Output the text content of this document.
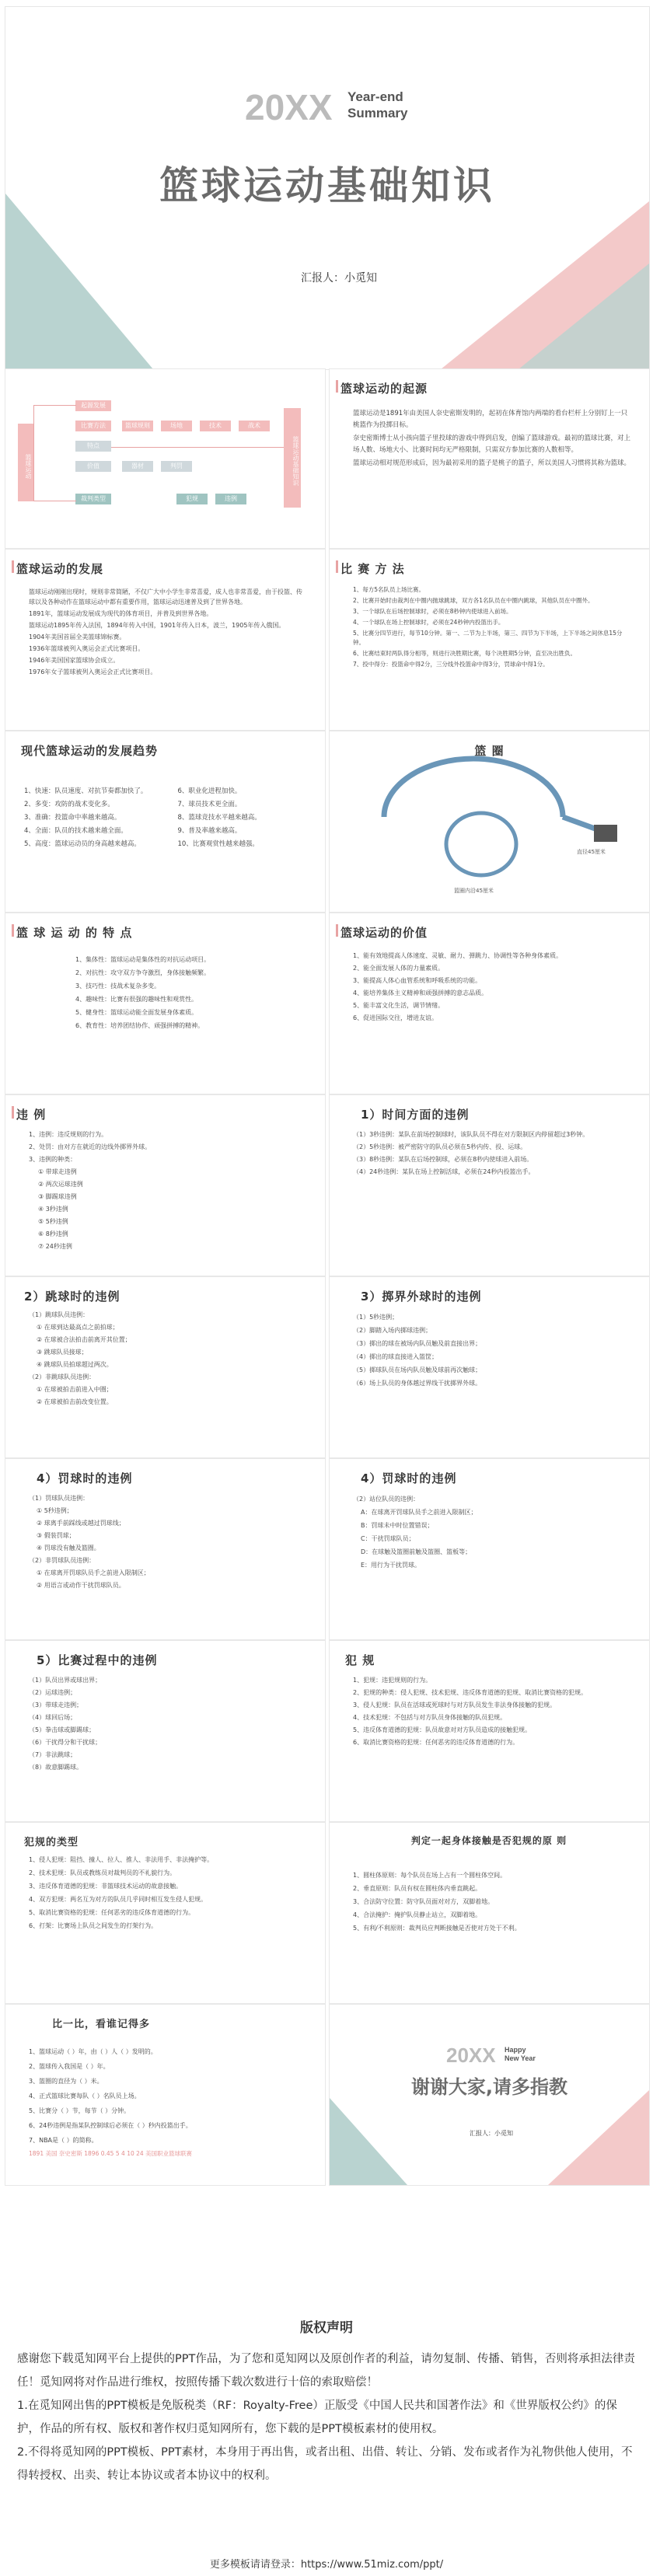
20XX Year-end
Summary
篮球运动基础知识
汇报人：小觅知
篮球运动
起源发展
比赛方法
特点
价值
裁判类型
篮球规则	场地
器材	判罚
技术	战术
犯规	违例
篮球运动基础知识
篮球运动的起源

篮球运动是1891年由美国人奈史密斯发明的，起初在体育馆内两端的看台栏杆上分别钉上一只桃篮作为投掷目标。

奈史密斯博士从小孩向篮子里投球的游戏中得到启发，创编了篮球游戏。最初的篮球比赛，对上场人数、场地大小、比赛时间均无严格限制，只需双方参加比赛的人数相等。

篮球运动相对规范形成后，因为最初采用的篮子是桃子的篮子，所以美国人习惯将其称为篮球。

篮球运动的发展

篮球运动刚刚出现时，规则非常简陋，不仅广大中小学生非常喜爱，成人也非常喜爱，由于投篮、传球以及各种动作在篮球运动中都有重要作用，篮球运动迅速普及到了世界各地。

1891年，篮球运动发展成为现代的体育项目，并普及到世界各地。

篮球运动1895年传入法国，1894年传入中国，1901年传入日本，波兰，1905年传入俄国。

1904年美国首届全美篮球锦标赛。

1936年篮球被列入奥运会正式比赛项目。

1946年美国国家篮球协会成立。

1976年女子篮球被列入奥运会正式比赛项目。

比 赛 方 法

1、每方5名队员上场比赛。

2、比赛开始时由裁判在中圈内抛球跳球，双方各1名队员在中圈内跳球，其他队员在中圈外。

3、一个球队在后场控制球时，必须在8秒钟内使球进入前场。

4、一个球队在场上控制球时，必须在24秒钟内投篮出手。

5、比赛分四节进行，每节10分钟。第一、二节为上半场，第三、四节为下半场，上下半场之间休息15分钟。

6、比赛结束时两队得分相等，则进行决胜期比赛，每个决胜期5分钟，直至决出胜负。

7、投中得分：投篮命中得2分，三分线外投篮命中得3分，罚球命中得1分。

现代篮球运动的发展趋势

1、快速：队员速度、对抗节奏都加快了。

2、多变：攻防的战术变化多。

3、准确：投篮命中率越来越高。

4、全面：队员的技术越来越全面。

5、高度：篮球运动员的身高越来越高。

6、职业化进程加快。

7、球员技术更全面。

8、篮球竞技水平越来越高。

9、普及率越来越高。

10、比赛观赏性越来越强。

篮 圈
篮圈内沿45厘米
直径45厘米
篮 球 运 动 的 特 点

1、集体性：篮球运动是集体性的对抗运动项目。

2、对抗性：攻守双方争夺激烈，身体接触频繁。

3、技巧性：技战术复杂多变。

4、趣味性：比赛有很强的趣味性和观赏性。

5、健身性：篮球运动能全面发展身体素质。

6、教育性：培养团结协作、顽强拼搏的精神。

篮球运动的价值

1、能有效地提高人体速度、灵敏、耐力、弹跳力、协调性等各种身体素质。

2、能全面发展人体的力量素质。

3、能提高人体心血管系统和呼吸系统的功能。

4、能培养集体主义精神和顽强拼搏的意志品质。

5、能丰富文化生活，调节情绪。

6、促进国际交往，增进友谊。

违 例

1、违例：违反规则的行为。

2、处罚：由对方在就近的边线外掷界外球。

3、违例的种类：

① 带球走违例

② 两次运球违例

③ 脚踢球违例

④ 3秒违例

⑤ 5秒违例

⑥ 8秒违例

⑦ 24秒违例

1）时间方面的违例

（1）3秒违例：某队在前场控制球时，该队队员不得在对方限制区内停留超过3秒钟。

（2）5秒违例：被严密防守的队员必须在5秒内传、投、运球。

（3）8秒违例：某队在后场控制球，必须在8秒内使球进入前场。

（4）24秒违例：某队在场上控制活球，必须在24秒内投篮出手。

2）跳球时的违例

（1）跳球队员违例：

① 在球到达最高点之前拍球；

② 在球被合法拍击前离开其位置；

③ 跳球队员接球；

④ 跳球队员拍球超过两次。

（2）非跳球队员违例：

① 在球被拍击前进入中圈；

② 在球被拍击前改变位置。

3）掷界外球时的违例

（1）5秒违例；

（2）脚踏入场内掷球违例；

（3）掷出的球在被场内队员触及前直接出界；

（4）掷出的球直接进入篮筐；

（5）掷球队员在场内队员触及球前再次触球；

（6）场上队员的身体越过界线干扰掷界外球。

4）罚球时的违例

（1）罚球队员违例：

① 5秒违例；

② 球离手前踩线或越过罚球线；

③ 假装罚球；

④ 罚球没有触及篮圈。

（2）非罚球队员违例：

① 在球离开罚球队员手之前进入限制区；

② 用语言或动作干扰罚球队员。

4）罚球时的违例

（2）站位队员的违例：

A：在球离开罚球队员手之前进入限制区；

B：罚球未中时位置错误；

C：干扰罚球队员；

D：在球触及篮圈前触及篮圈、篮板等；

E：用行为干扰罚球。

5）比赛过程中的违例

（1）队员出界或球出界；

（2）运球违例；

（3）带球走违例；

（4）球回后场；

（5）拳击球或脚踢球；

（6）干扰得分和干扰球；

（7）非法跳球；

（8）故意脚踢球。

犯 规

1、犯规：违犯规则的行为。

2、犯规的种类：侵人犯规、技术犯规、违反体育道德的犯规、取消比赛资格的犯规。

3、侵人犯规：队员在活球或死球时与对方队员发生非法身体接触的犯规。

4、技术犯规：不包括与对方队员身体接触的队员犯规。

5、违反体育道德的犯规：队员故意对对方队员造成的接触犯规。

6、取消比赛资格的犯规：任何恶劣的违反体育道德的行为。

犯规的类型

1、侵人犯规：阻挡、撞人、拉人、推人、非法用手、非法掩护等。

2、技术犯规：队员或教练员对裁判员的不礼貌行为。

3、违反体育道德的犯规：非篮球技术运动的故意接触。

4、双方犯规：两名互为对方的队员几乎同时相互发生侵人犯规。

5、取消比赛资格的犯规：任何恶劣的违反体育道德的行为。

6、打架：比赛场上队员之间发生的打架行为。

判定一起身体接触是否犯规的原 则

1、圆柱体原则：每个队员在场上占有一个圆柱体空间。

2、垂直原则：队员有权在圆柱体内垂直跳起。

3、合法防守位置：防守队员面对对方，双脚着地。

4、合法掩护：掩护队员静止站立，双脚着地。

5、有利/不利原则：裁判员应判断接触是否使对方处于不利。

比一比，看谁记得多

1、篮球运动（ ）年，由（ ）人（ ）发明的。

2、篮球传入我国是（ ）年。

3、篮圈的直径为（ ）米。

4、正式篮球比赛每队（ ）名队员上场。

5、比赛分（ ）节，每节（ ）分钟。

6、24秒违例是指某队控制球后必须在（ ）秒内投篮出手。

7、NBA是（ ）的简称。

1891 美国 奈史密斯 1896 0.45 5 4 10 24 美国职业篮球联赛
20XX Happy
New Year
谢谢大家,请多指教
汇报人：小觅知
版权声明

感谢您下载觅知网平台上提供的PPT作品，为了您和觅知网以及原创作者的利益，请勿复制、传播、销售，否则将承担法律责任！觅知网将对作品进行维权，按照传播下载次数进行十倍的索取赔偿！

1.在觅知网出售的PPT模板是免版税类（RF：Royalty-Free）正版受《中国人民共和国著作法》和《世界版权公约》的保护，作品的所有权、版权和著作权归觅知网所有，您下载的是PPT模板素材的使用权。

2.不得将觅知网的PPT模板、PPT素材，本身用于再出售，或者出租、出借、转让、分销、发布或者作为礼物供他人使用，不得转授权、出卖、转让本协议或者本协议中的权利。

更多模板请请登录：https://www.51miz.com/ppt/
